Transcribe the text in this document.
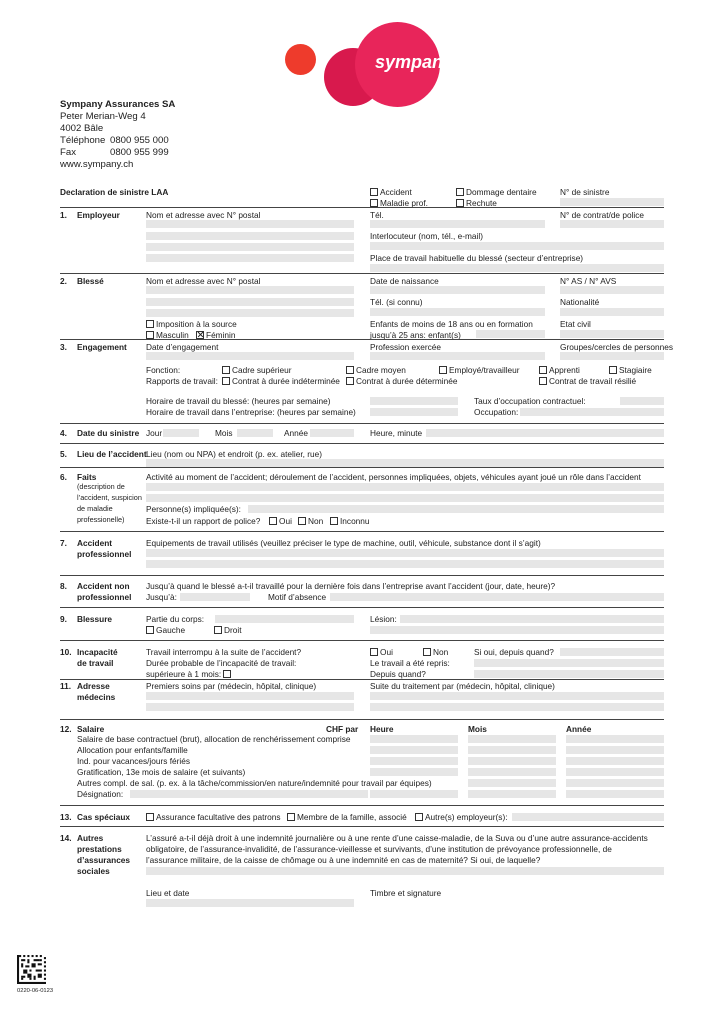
sympany
Sympany Assurances SA
Peter Merian-Weg 4
4002 Bâle
Téléphone 0800 955 000
Fax	0800 955 999
www.sympany.ch
Declaration de sinistre LAA	Accident	Dommage dentaire
Maladie prof.	Rechute
N° de sinistre
1. Employeur	Nom et adresse avec N° postal	Tél.	N° de contrat/de police
Interlocuteur (nom, tél., e-mail)
Place de travail habituelle du blessé (secteur d’entreprise)
2. Blessé	Nom et adresse avec N° postal	Date de naissance	N° AS / N° AVS
Tél. (si connu)	Nationalité
Imposition à la source
Masculin	Féminin
Enfants de moins de 18 ans ou en formation
jusqu’à 25 ans: enfant(s)
Etat civil
3. Engagement Date d’engagement	Profession exercée	Groupes/cercles de personnes
Fonction:	Cadre supérieur	Cadre moyen	Employé/travailleur	Apprenti	Stagiaire
Rapports de travail:	Contrat à durée indéterminée	Contrat à durée déterminée	Contrat de travail résilié
Horaire de travail du blessé: (heures par semaine)
Horaire de travail dans l’entreprise: (heures par semaine)
Taux d’occupation contractuel:
Occupation:
4. Date du sinistre Jour	Mois	Année	Heure, minute
5. Lieu de l’accident Lieu (nom ou NPA) et endroit (p. ex. atelier, rue)
6. Faits
(description de
l’accident, suspicion
de maladie
professionelle)
Activité au moment de l’accident; déroulement de l’accident, personnes impliquées, objets, véhicules ayant joué un rôle dans l’accident
Personne(s) impliquée(s):
Existe-t-il un rapport de police?	Oui	Non	Inconnu
7. Accident
professionnel
Equipements de travail utilisés (veuillez préciser le type de machine, outil, véhicule, substance dont il s’agit)
8. Accident non
professionnel
Jusqu’à quand le blessé a-t-il travaillé pour la dernière fois dans l’entreprise avant l’accident (jour, date, heure)?
Jusqu’à:	Motif d’absence
9. Blessure	Partie du corps:
Gauche	Droit
Lésion:
10. Incapacité
de travail
Travail interrompu à la suite de l’accident?	Oui	Non	Si oui, depuis quand?
Durée probable de l’incapacité de travail:
supérieure à 1 mois:
Le travail a été repris:
Depuis quand?
11. Adresse
médecins
Premiers soins par (médecin, hôpital, clinique)	Suite du traitement par (médecin, hôpital, clinique)
12. Salaire	CHF par Heure	Mois	Année
Salaire de base contractuel (brut), allocation de renchérissement comprise
Allocation pour enfants/famille
Ind. pour vacances/jours fériés
Gratification, 13e mois de salaire (et suivants)
Autres compl. de sal. (p. ex. à la tâche/commission/en nature/indemnité pour travail par équipes)
Désignation:
13. Cas spéciaux	Assurance facultative des patrons	Membre de la famille, associé	Autre(s) employeur(s):
14. Autres
prestations
d’assurances
sociales
L’assuré a-t-il déjà droit à une indemnité journalière ou à une rente d’une caisse-maladie, de la Suva ou d’une autre assurance-accidents
obligatoire, de l’assurance-invalidité, de l’assurance-vieillesse et survivants, d’une institution de prévoyance professionnelle, de
l’assurance militaire, de la caisse de chômage ou à une indemnité en cas de maternité? Si oui, de laquelle?
Lieu et date	Timbre et signature
0220-06-0123
